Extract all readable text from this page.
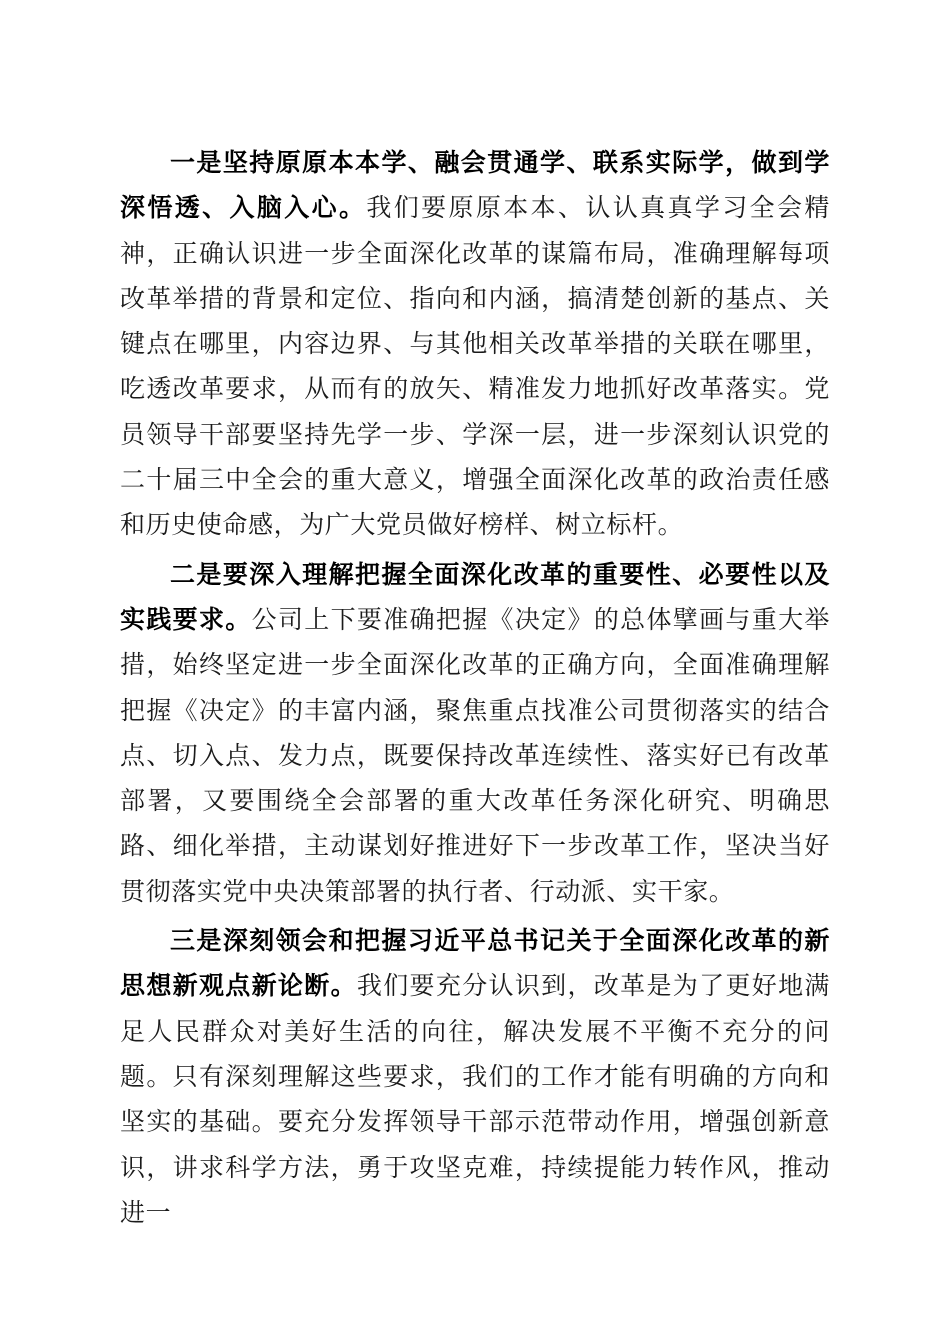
一是坚持原原本本学、融会贯通学、联系实际学，做到学深悟透、入脑入心。我们要原原本本、认认真真学习全会精神，正确认识进一步全面深化改革的谋篇布局，准确理解每项改革举措的背景和定位、指向和内涵，搞清楚创新的基点、关键点在哪里，内容边界、与其他相关改革举措的关联在哪里，吃透改革要求，从而有的放矢、精准发力地抓好改革落实。党员领导干部要坚持先学一步、学深一层，进一步深刻认识党的二十届三中全会的重大意义，增强全面深化改革的政治责任感和历史使命感，为广大党员做好榜样、树立标杆。

二是要深入理解把握全面深化改革的重要性、必要性以及实践要求。公司上下要准确把握《决定》的总体擘画与重大举措，始终坚定进一步全面深化改革的正确方向，全面准确理解把握《决定》的丰富内涵，聚焦重点找准公司贯彻落实的结合点、切入点、发力点，既要保持改革连续性、落实好已有改革部署，又要围绕全会部署的重大改革任务深化研究、明确思路、细化举措，主动谋划好推进好下一步改革工作，坚决当好贯彻落实党中央决策部署的执行者、行动派、实干家。

三是深刻领会和把握习近平总书记关于全面深化改革的新思想新观点新论断。我们要充分认识到，改革是为了更好地满足人民群众对美好生活的向往，解决发展不平衡不充分的问题。只有深刻理解这些要求，我们的工作才能有明确的方向和坚实的基础。要充分发挥领导干部示范带动作用，增强创新意识，讲求科学方法，勇于攻坚克难，持续提能力转作风，推动进一
